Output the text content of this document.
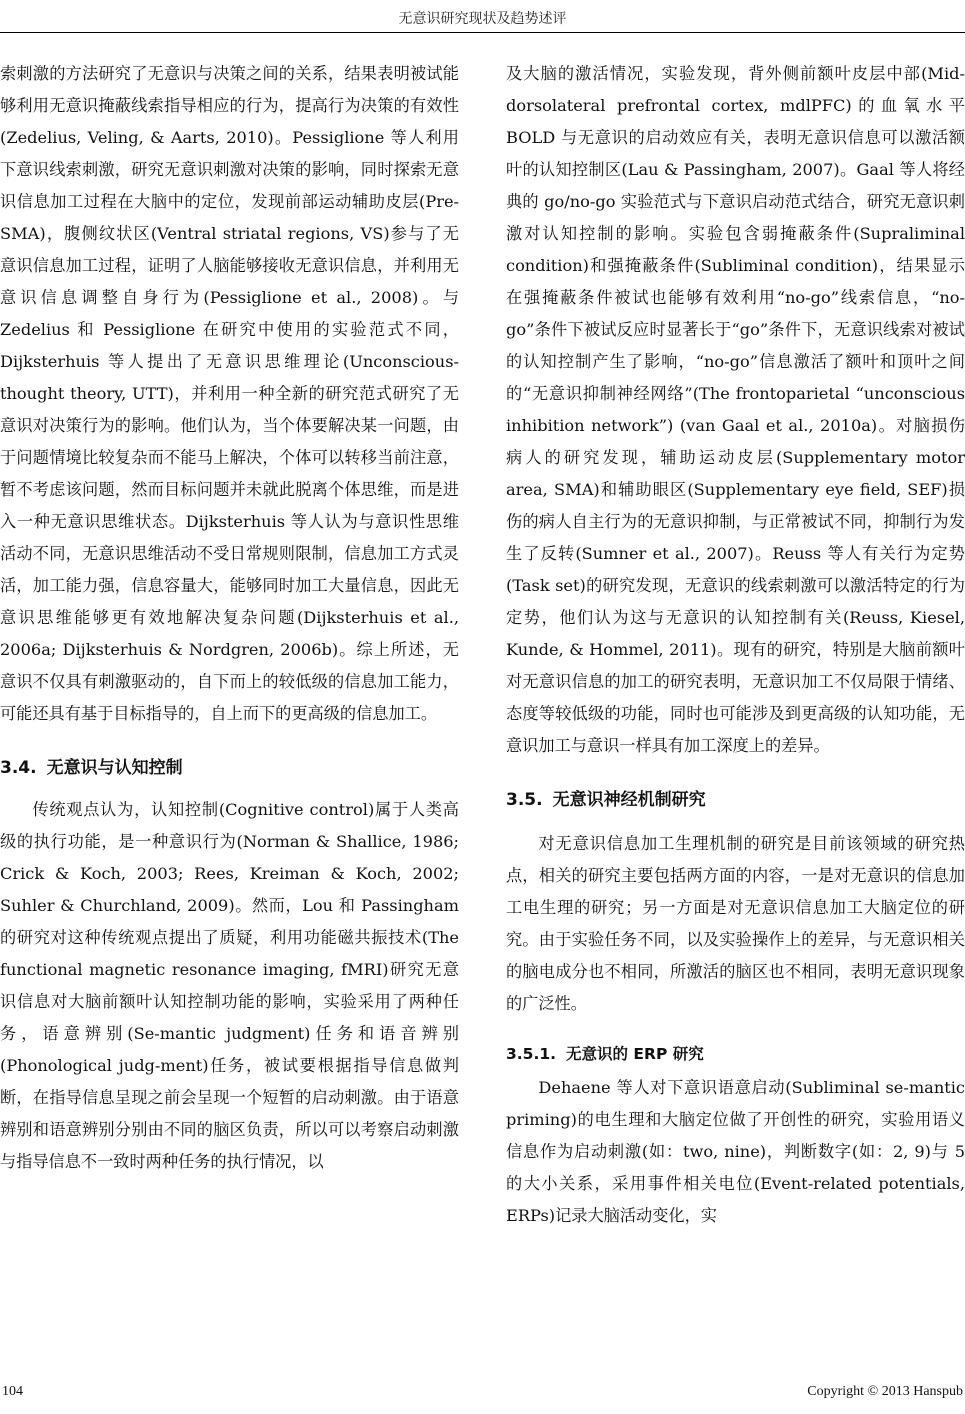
无意识研究现状及趋势述评

索刺激的方法研究了无意识与决策之间的关系，结果表明被试能够利用无意识掩蔽线索指导相应的行为，提高行为决策的有效性(Zedelius, Veling, & Aarts, 2010)。Pessiglione 等人利用下意识线索刺激，研究无意识刺激对决策的影响，同时探索无意识信息加工过程在大脑中的定位，发现前部运动辅助皮层(Pre-SMA)，腹侧纹状区(Ventral striatal regions, VS)参与了无意识信息加工过程，证明了人脑能够接收无意识信息，并利用无意识信息调整自身行为(Pessiglione et al., 2008)。与 Zedelius 和 Pessiglione 在研究中使用的实验范式不同，Dijksterhuis 等人提出了无意识思维理论(Unconscious-thought theory, UTT)，并利用一种全新的研究范式研究了无意识对决策行为的影响。他们认为，当个体要解决某一问题，由于问题情境比较复杂而不能马上解决，个体可以转移当前注意，暂不考虑该问题，然而目标问题并未就此脱离个体思维，而是进入一种无意识思维状态。Dijksterhuis 等人认为与意识性思维活动不同，无意识思维活动不受日常规则限制，信息加工方式灵活，加工能力强，信息容量大，能够同时加工大量信息，因此无意识思维能够更有效地解决复杂问题(Dijksterhuis et al., 2006a; Dijksterhuis & Nordgren, 2006b)。综上所述，无意识不仅具有刺激驱动的，自下而上的较低级的信息加工能力，可能还具有基于目标指导的，自上而下的更高级的信息加工。

3.4. 无意识与认知控制

传统观点认为，认知控制(Cognitive control)属于人类高级的执行功能，是一种意识行为(Norman & Shallice, 1986; Crick & Koch, 2003; Rees, Kreiman & Koch, 2002; Suhler & Churchland, 2009)。然而，Lou 和 Passingham 的研究对这种传统观点提出了质疑，利用功能磁共振技术(The functional magnetic resonance imaging, fMRI)研究无意识信息对大脑前额叶认知控制功能的影响，实验采用了两种任务，语意辨别(Se-mantic judgment)任务和语音辨别(Phonological judg-ment)任务，被试要根据指导信息做判断，在指导信息呈现之前会呈现一个短暂的启动刺激。由于语意辨别和语意辨别分别由不同的脑区负责，所以可以考察启动刺激与指导信息不一致时两种任务的执行情况，以

及大脑的激活情况，实验发现，背外侧前额叶皮层中部(Mid-dorsolateral prefrontal cortex, mdlPFC)的血氧水平 BOLD 与无意识的启动效应有关，表明无意识信息可以激活额叶的认知控制区(Lau & Passingham, 2007)。Gaal 等人将经典的 go/no-go 实验范式与下意识启动范式结合，研究无意识刺激对认知控制的影响。实验包含弱掩蔽条件(Supraliminal condition)和强掩蔽条件(Subliminal condition)，结果显示在强掩蔽条件被试也能够有效利用“no-go”线索信息，“no-go”条件下被试反应时显著长于“go”条件下，无意识线索对被试的认知控制产生了影响，“no-go”信息激活了额叶和顶叶之间的“无意识抑制神经网络”(The frontoparietal “unconscious inhibition network”) (van Gaal et al., 2010a)。对脑损伤病人的研究发现，辅助运动皮层(Supplementary motor area, SMA)和辅助眼区(Supplementary eye field, SEF)损伤的病人自主行为的无意识抑制，与正常被试不同，抑制行为发生了反转(Sumner et al., 2007)。Reuss 等人有关行为定势(Task set)的研究发现，无意识的线索刺激可以激活特定的行为定势，他们认为这与无意识的认知控制有关(Reuss, Kiesel, Kunde, & Hommel, 2011)。现有的研究，特别是大脑前额叶对无意识信息的加工的研究表明，无意识加工不仅局限于情绪、态度等较低级的功能，同时也可能涉及到更高级的认知功能，无意识加工与意识一样具有加工深度上的差异。

3.5. 无意识神经机制研究

对无意识信息加工生理机制的研究是目前该领域的研究热点，相关的研究主要包括两方面的内容，一是对无意识的信息加工电生理的研究；另一方面是对无意识信息加工大脑定位的研究。由于实验任务不同，以及实验操作上的差异，与无意识相关的脑电成分也不相同，所激活的脑区也不相同，表明无意识现象的广泛性。

3.5.1. 无意识的 ERP 研究

Dehaene 等人对下意识语意启动(Subliminal se-mantic priming)的电生理和大脑定位做了开创性的研究，实验用语义信息作为启动刺激(如：two, nine)，判断数字(如：2, 9)与 5 的大小关系，采用事件相关电位(Event-related potentials, ERPs)记录大脑活动变化，实

104	Copyright © 2013 Hanspub
